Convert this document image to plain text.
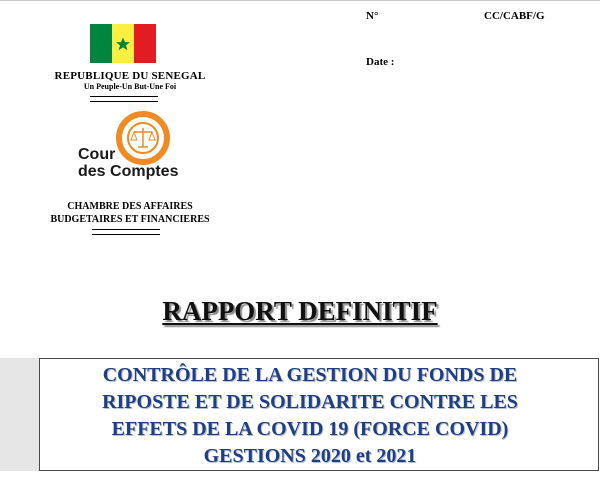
REPUBLIQUE DU SENEGAL
Un Peuple-Un But-Une Foi
Cour
des Comptes
CHAMBRE DES AFFAIRES
BUDGETAIRES ET FINANCIERES
N°	CC/CABF/G
Date :
RAPPORT DEFINITIF
CONTRÔLE DE LA GESTION DU FONDS DE
RIPOSTE ET DE SOLIDARITE CONTRE LES
EFFETS DE LA COVID 19 (FORCE COVID)
GESTIONS 2020 et 2021
